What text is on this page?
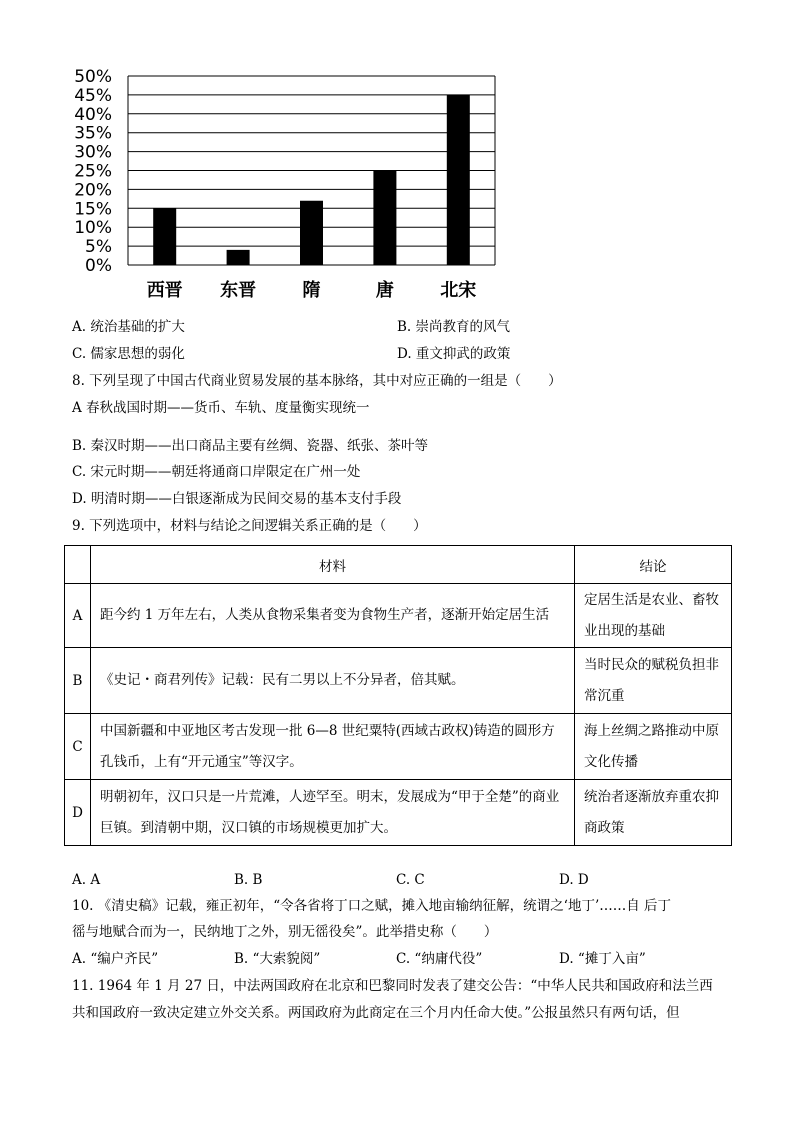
0%
5%
10%
15%
20%
25%
30%
35%
40%
45%
50%
西晋 东晋	隋	唐	北宋
A. 统治基础的扩大	B. 崇尚教育的风气
C. 儒家思想的弱化	D. 重文抑武的政策
8. 下列呈现了中国古代商业贸易发展的基本脉络，其中对应正确的一组是（　　）
A 春秋战国时期——货币、车轨、度量衡实现统一
B. 秦汉时期——出口商品主要有丝绸、瓷器、纸张、茶叶等
C. 宋元时期——朝廷将通商口岸限定在广州一处
D. 明清时期——白银逐渐成为民间交易的基本支付手段
9. 下列选项中，材料与结论之间逻辑关系正确的是（　　）
	材料	结论
A	距今约 1 万年左右，人类从食物采集者变为食物生产者，逐渐开始定居生活	定居生活是农业、畜牧业出现的基础
B	《史记・商君列传》记载：民有二男以上不分异者，倍其赋。	当时民众的赋税负担非常沉重
C	中国新疆和中亚地区考古发现一批 6—8 世纪粟特(西域古政权)铸造的圆形方孔钱币，上有“开元通宝”等汉字。	海上丝绸之路推动中原文化传播
D	明朝初年，汉口只是一片荒滩，人迹罕至。明末，发展成为“甲于全楚”的商业巨镇。到清朝中期，汉口镇的市场规模更加扩大。	统治者逐渐放弃重农抑商政策
A. A	B. B	C. C	D. D
10. 《清史稿》记载，雍正初年，“令各省将丁口之赋，摊入地亩输纳征解，统谓之‘地丁’……自 后丁
徭与地赋合而为一，民纳地丁之外，别无徭役矣”。此举措史称（　　）
A. “编户齐民”	B. “大索貌阅”	C. “纳庸代役”	D. “摊丁入亩”
11. 1964 年 1 月 27 日，中法两国政府在北京和巴黎同时发表了建交公告：“中华人民共和国政府和法兰西
共和国政府一致决定建立外交关系。两国政府为此商定在三个月内任命大使。”公报虽然只有两句话，但
